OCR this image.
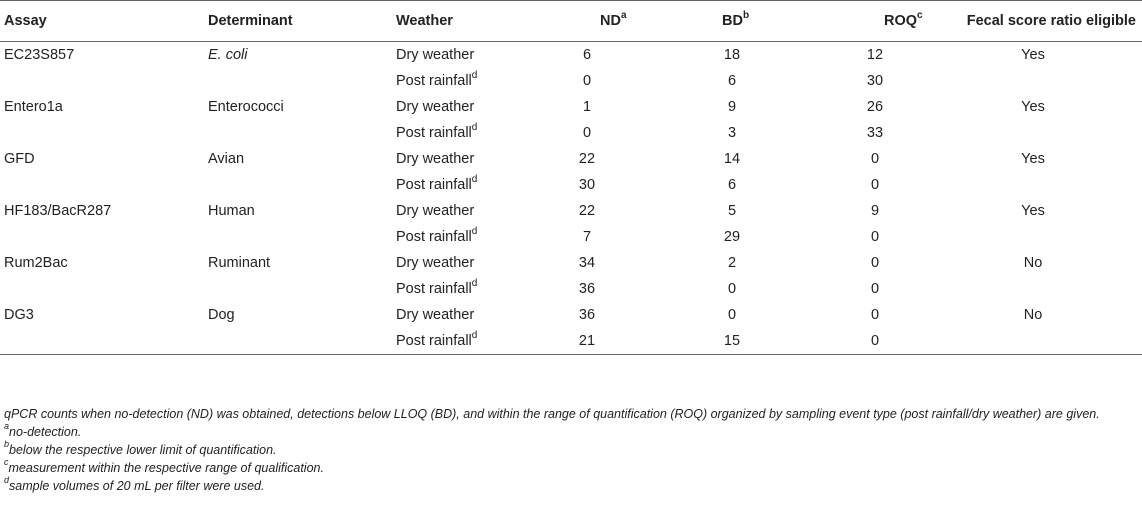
Assay	Determinant	Weather	$ND^a$	$BD^b$	ROQ$^c$	Fecal score ratio eligible
EC23S857	E. coli	Dry weather	6	18	12	Yes
		Post rainfall$^d$	0	6	30	
Entero1a	Enterococci	Dry weather	1	9	26	Yes
		Post rainfall$^d$	0	3	33	
GFD	Avian	Dry weather	22	14	0	Yes
		Post rainfall$^d$	30	6	0	
HF183/BacR287	Human	Dry weather	22	5	9	Yes
		Post rainfall$^d$	7	29	0	
Rum2Bac	Ruminant	Dry weather	34	2	0	No
		Post rainfall$^d$	36	0	0	
DG3	Dog	Dry weather	36	0	0	No
		Post rainfall$^d$	21	15	0	

qPCR counts when no-detection (ND) was obtained, detections below LLOQ (BD), and within the range of quantification (ROQ) organized by sampling event type (post rainfall/dry weather) are given.

$^a$no-detection.

$^b$below the respective lower limit of quantification.

$^c$measurement within the respective range of qualification.

$^d$sample volumes of 20 mL per filter were used.
